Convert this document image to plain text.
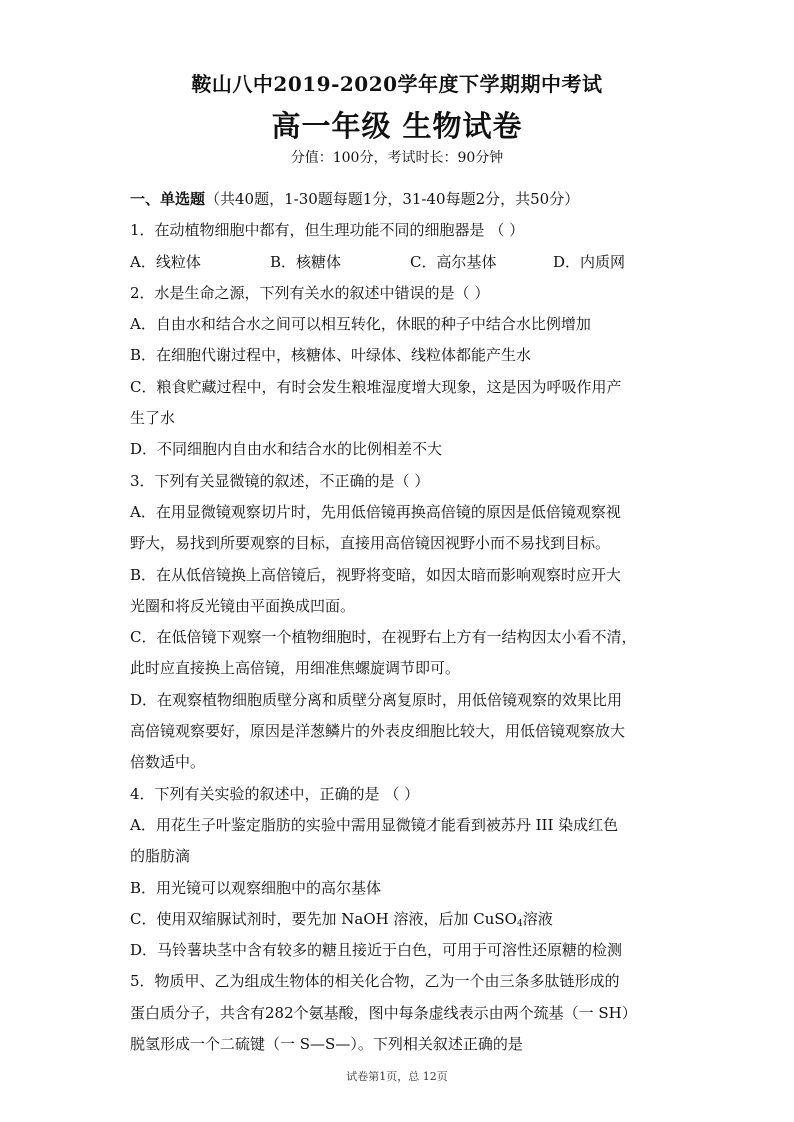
鞍山八中2019-2020学年度下学期期中考试
高一年级 生物试卷
分值：100分，考试时长：90分钟
一、单选题（共40题，1-30题每题1分，31-40每题2分，共50分）
1．在动植物细胞中都有，但生理功能不同的细胞器是 （ ）
A．线粒体	B．核糖体	C．高尔基体	D．内质网
2．水是生命之源，下列有关水的叙述中错误的是（ ）
A．自由水和结合水之间可以相互转化，休眠的种子中结合水比例增加
B．在细胞代谢过程中，核糖体、叶绿体、线粒体都能产生水
C．粮食贮藏过程中，有时会发生粮堆湿度增大现象，这是因为呼吸作用产
生了水
D．不同细胞内自由水和结合水的比例相差不大
3．下列有关显微镜的叙述，不正确的是（ ）
A．在用显微镜观察切片时，先用低倍镜再换高倍镜的原因是低倍镜观察视
野大，易找到所要观察的目标，直接用高倍镜因视野小而不易找到目标。
B．在从低倍镜换上高倍镜后，视野将变暗，如因太暗而影响观察时应开大
光圈和将反光镜由平面换成凹面。
C．在低倍镜下观察一个植物细胞时，在视野右上方有一结构因太小看不清，
此时应直接换上高倍镜，用细准焦螺旋调节即可。
D．在观察植物细胞质壁分离和质壁分离复原时，用低倍镜观察的效果比用
高倍镜观察要好，原因是洋葱鳞片的外表皮细胞比较大，用低倍镜观察放大
倍数适中。
4．下列有关实验的叙述中，正确的是 （ ）
A．用花生子叶鉴定脂肪的实验中需用显微镜才能看到被苏丹 III 染成红色
的脂肪滴
B．用光镜可以观察细胞中的高尔基体
C．使用双缩脲试剂时，要先加 NaOH 溶液，后加 CuSO$_4$溶液
D．马铃薯块茎中含有较多的糖且接近于白色，可用于可溶性还原糖的检测
5．物质甲、乙为组成生物体的相关化合物，乙为一个由三条多肽链形成的
蛋白质分子，共含有282个氨基酸，图中每条虚线表示由两个巯基（一 SH）
脱氢形成一个二硫键（一 S—S—）。下列相关叙述正确的是
试卷第1页，总 12页
